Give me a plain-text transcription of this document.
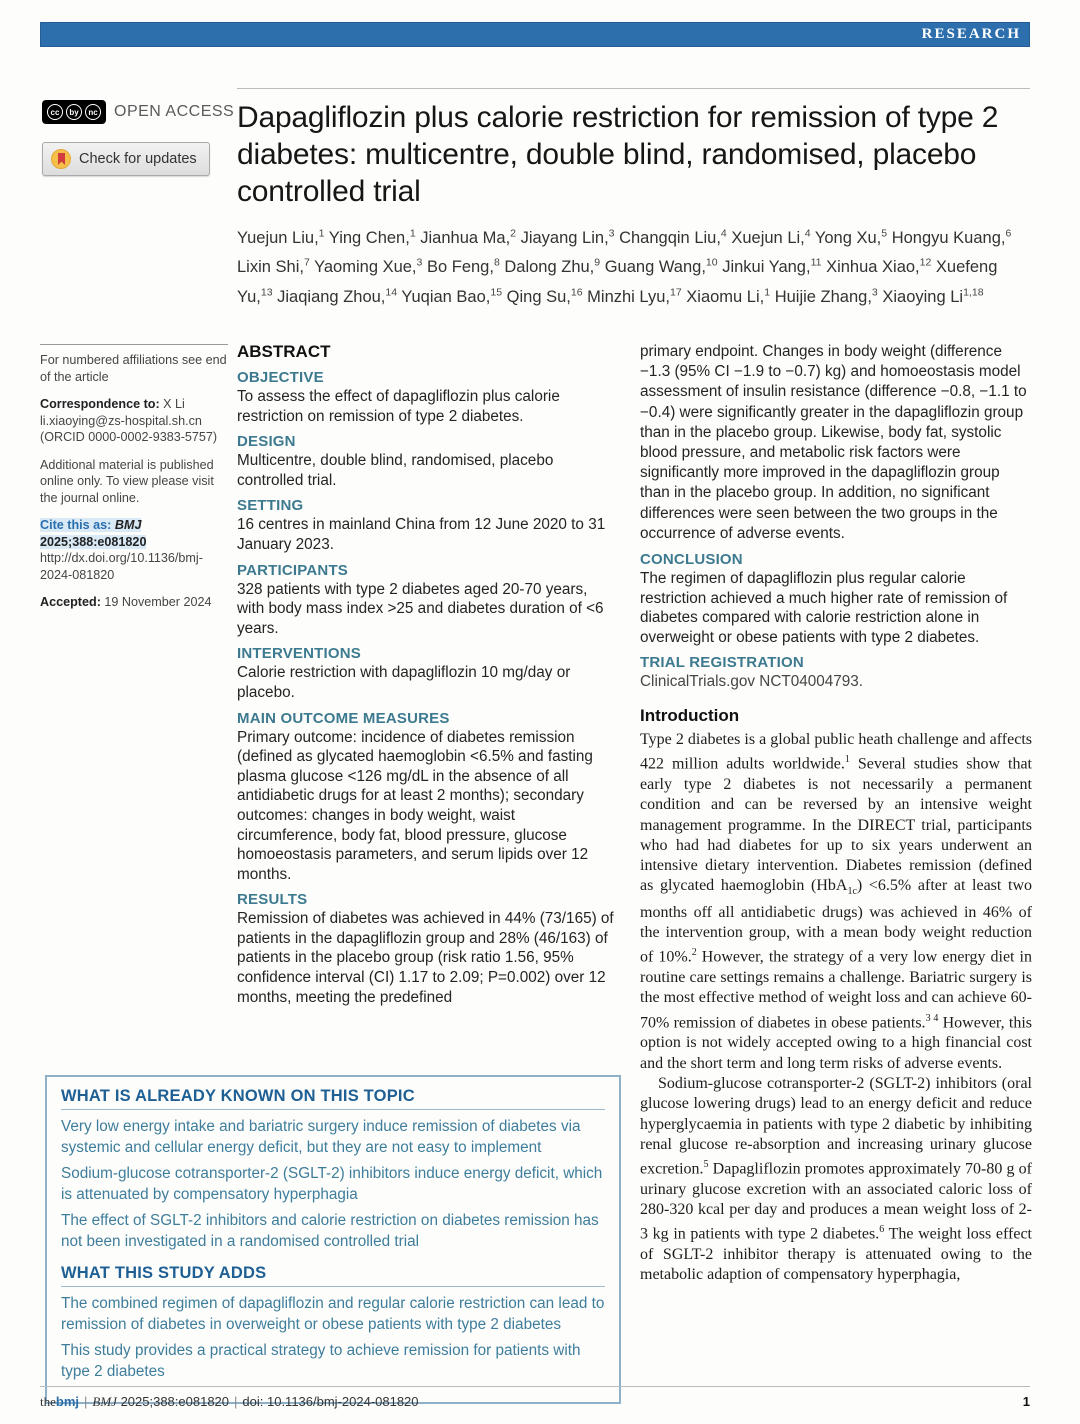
RESEARCH
cc	by	nc OPEN ACCESS
Check for updates
Dapagliflozin plus calorie restriction for remission of type 2 diabetes: multicentre, double blind, randomised, placebo controlled trial

Yuejun Liu,$^1$ Ying Chen,$^1$ Jianhua Ma,$^2$ Jiayang Lin,$^3$ Changqin Liu,$^4$ Xuejun Li,$^4$ Yong Xu,$^5$ Hongyu Kuang,$^6$ Lixin Shi,$^7$ Yaoming Xue,$^3$ Bo Feng,$^8$ Dalong Zhu,$^9$ Guang Wang,$^{10}$ Jinkui Yang,$^{11}$ Xinhua Xiao,$^{12}$ Xuefeng Yu,$^{13}$ Jiaqiang Zhou,$^{14}$ Yuqian Bao,$^{15}$ Qing Su,$^{16}$ Minzhi Lyu,$^{17}$ Xiaomu Li,$^1$ Huijie Zhang,$^3$ Xiaoying Li$^{1,18}$

For numbered affiliations see end of the article

Correspondence to: X Li
li.xiaoying@zs-hospital.sh.cn
(ORCID 0000-0002-9383-5757)

Additional material is published online only. To view please visit the journal online.

Cite this as: BMJ 2025;388:e081820
http://dx.doi.org/10.1136/bmj-2024-081820

Accepted: 19 November 2024

ABSTRACT
OBJECTIVE

To assess the effect of dapagliflozin plus calorie restriction on remission of type 2 diabetes.

DESIGN

Multicentre, double blind, randomised, placebo controlled trial.

SETTING

16 centres in mainland China from 12 June 2020 to 31 January 2023.

PARTICIPANTS

328 patients with type 2 diabetes aged 20-70 years, with body mass index >25 and diabetes duration of <6 years.

INTERVENTIONS

Calorie restriction with dapagliflozin 10 mg/day or placebo.

MAIN OUTCOME MEASURES

Primary outcome: incidence of diabetes remission (defined as glycated haemoglobin <6.5% and fasting plasma glucose <126 mg/dL in the absence of all antidiabetic drugs for at least 2 months); secondary outcomes: changes in body weight, waist circumference, body fat, blood pressure, glucose homoeostasis parameters, and serum lipids over 12 months.

RESULTS

Remission of diabetes was achieved in 44% (73/165) of patients in the dapagliflozin group and 28% (46/163) of patients in the placebo group (risk ratio 1.56, 95% confidence interval (CI) 1.17 to 2.09; P=0.002) over 12 months, meeting the predefined

primary endpoint. Changes in body weight (difference −1.3 (95% CI −1.9 to −0.7) kg) and homoeostasis model assessment of insulin resistance (difference −0.8, −1.1 to −0.4) were significantly greater in the dapagliflozin group than in the placebo group. Likewise, body fat, systolic blood pressure, and metabolic risk factors were significantly more improved in the dapagliflozin group than in the placebo group. In addition, no significant differences were seen between the two groups in the occurrence of adverse events.

CONCLUSION

The regimen of dapagliflozin plus regular calorie restriction achieved a much higher rate of remission of diabetes compared with calorie restriction alone in overweight or obese patients with type 2 diabetes.

TRIAL REGISTRATION

ClinicalTrials.gov NCT04004793.

Introduction

Type 2 diabetes is a global public heath challenge and affects 422 million adults worldwide.$^1$ Several studies show that early type 2 diabetes is not necessarily a permanent condition and can be reversed by an intensive weight management programme. In the DIRECT trial, participants who had had diabetes for up to six years underwent an intensive dietary intervention. Diabetes remission (defined as glycated haemoglobin (HbA$_{1c}$) <6.5% after at least two months off all antidiabetic drugs) was achieved in 46% of the intervention group, with a mean body weight reduction of 10%.$^2$ However, the strategy of a very low energy diet in routine care settings remains a challenge. Bariatric surgery is the most effective method of weight loss and can achieve 60-70% remission of diabetes in obese patients.$^{3 4}$ However, this option is not widely accepted owing to a high financial cost and the short term and long term risks of adverse events.

Sodium-glucose cotransporter-2 (SGLT-2) inhibitors (oral glucose lowering drugs) lead to an energy deficit and reduce hyperglycaemia in patients with type 2 diabetic by inhibiting renal glucose re-absorption and increasing urinary glucose excretion.$^5$ Dapagliflozin promotes approximately 70-80 g of urinary glucose excretion with an associated caloric loss of 280-320 kcal per day and produces a mean weight loss of 2-3 kg in patients with type 2 diabetes.$^6$ The weight loss effect of SGLT-2 inhibitor therapy is attenuated owing to the metabolic adaption of compensatory hyperphagia,

WHAT IS ALREADY KNOWN ON THIS TOPIC

Very low energy intake and bariatric surgery induce remission of diabetes via systemic and cellular energy deficit, but they are not easy to implement

Sodium-glucose cotransporter-2 (SGLT-2) inhibitors induce energy deficit, which is attenuated by compensatory hyperphagia

The effect of SGLT-2 inhibitors and calorie restriction on diabetes remission has not been investigated in a randomised controlled trial

WHAT THIS STUDY ADDS

The combined regimen of dapagliflozin and regular calorie restriction can lead to remission of diabetes in overweight or obese patients with type 2 diabetes

This study provides a practical strategy to achieve remission for patients with type 2 diabetes

thebmj | BMJ 2025;388:e081820 | doi: 10.1136/bmj-2024-081820	1
